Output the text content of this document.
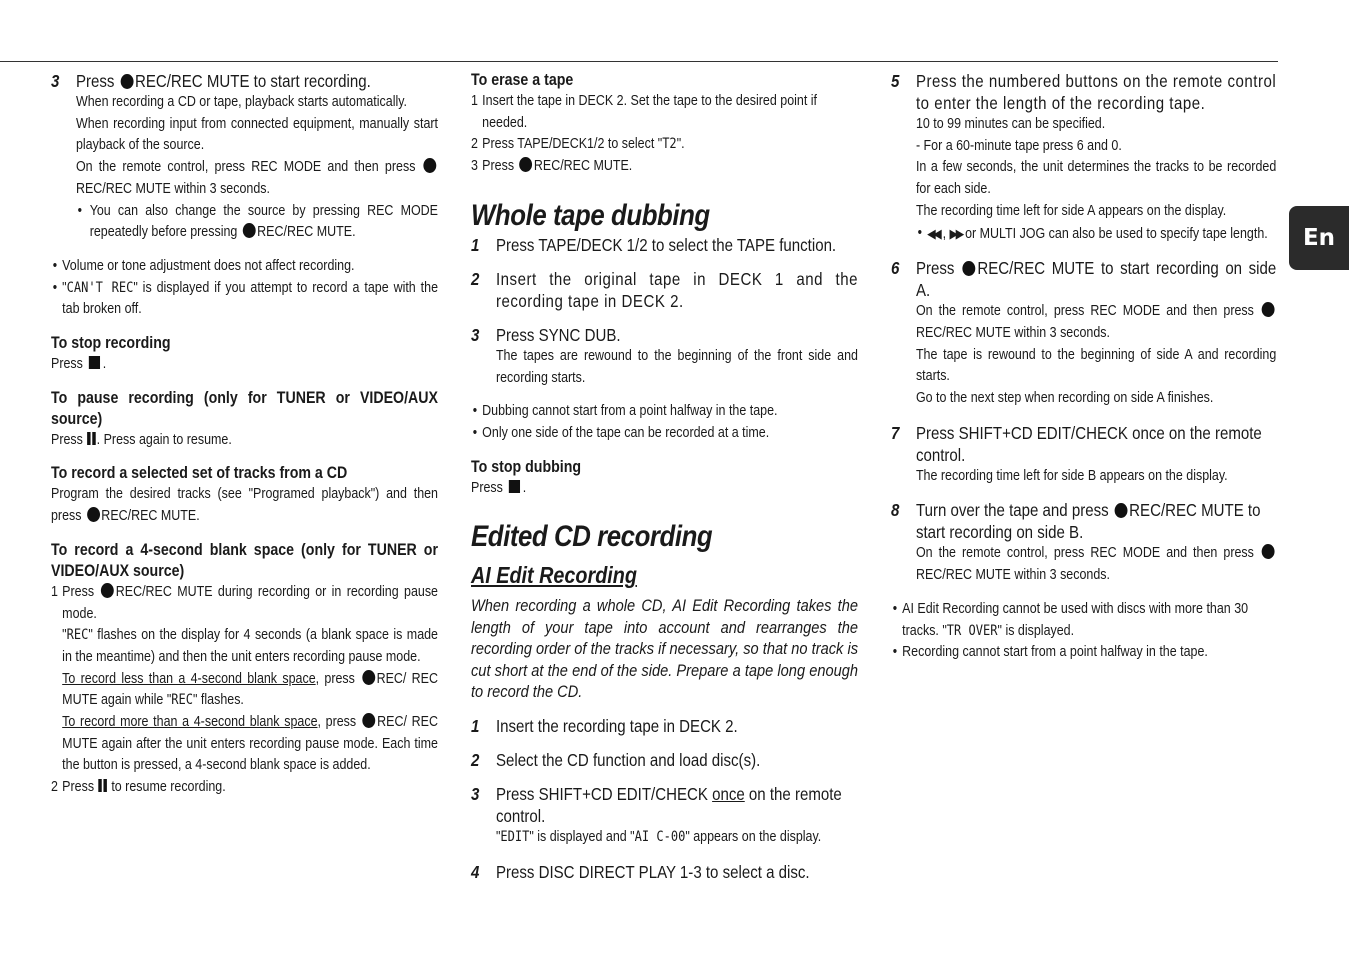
En
3 Press REC/REC MUTE to start recording.
When recording a CD or tape, playback starts automatically.
When recording input from connected equipment, manually start playback of the source.
On the remote control, press REC MODE and then press REC/REC MUTE within 3 seconds.
• You can also change the source by pressing REC MODE repeatedly before pressing REC/REC MUTE.
• Volume or tone adjustment does not affect recording.
• "CAN'T REC" is displayed if you attempt to record a tape with the tab broken off.
To stop recording
Press .
To pause recording (only for TUNER or VIDEO/AUX source)
Press . Press again to resume.
To record a selected set of tracks from a CD
Program the desired tracks (see "Programed playback") and then press REC/REC MUTE.
To record a 4-second blank space (only for TUNER or VIDEO/AUX source)
1 Press REC/REC MUTE during recording or in recording pause mode.
"REC" flashes on the display for 4 seconds (a blank space is made in the meantime) and then the unit enters recording pause mode.
To record less than a 4-second blank space, press REC/ REC MUTE again while "REC" flashes.
To record more than a 4-second blank space, press REC/ REC MUTE again after the unit enters recording pause mode. Each time the button is pressed, a 4-second blank space is added.
2 Press to resume recording.
To erase a tape
1 Insert the tape in DECK 2. Set the tape to the desired point if needed.
2 Press TAPE/DECK1/2 to select "T2".
3 Press REC/REC MUTE.
Whole tape dubbing
1 Press TAPE/DECK 1/2 to select the TAPE function.
2 Insert the original tape in DECK 1 and the recording tape in DECK 2.
3 Press SYNC DUB.
The tapes are rewound to the beginning of the front side and recording starts.
• Dubbing cannot start from a point halfway in the tape.
• Only one side of the tape can be recorded at a time.
To stop dubbing
Press .
Edited CD recording
AI Edit Recording
When recording a whole CD, AI Edit Recording takes the length of your tape into account and rearranges the recording order of the tracks if necessary, so that no track is cut short at the end of the side. Prepare a tape long enough to record the CD.
1 Insert the recording tape in DECK 2.
2 Select the CD function and load disc(s).
3 Press SHIFT+CD EDIT/CHECK once on the remote control.
"EDIT" is displayed and "AI C-00" appears on the display.
4 Press DISC DIRECT PLAY 1-3 to select a disc.
5 Press the numbered buttons on the remote control to enter the length of the recording tape.
10 to 99 minutes can be specified.
- For a 60-minute tape press 6 and 0.
In a few seconds, the unit determines the tracks to be recorded for each side.
The recording time left for side A appears on the display.
• ◀◀ , ▶▶ or MULTI JOG can also be used to specify tape length.
6 Press REC/REC MUTE to start recording on side A.
On the remote control, press REC MODE and then press REC/REC MUTE within 3 seconds.
The tape is rewound to the beginning of side A and recording starts.
Go to the next step when recording on side A finishes.
7 Press SHIFT+CD EDIT/CHECK once on the remote control.
The recording time left for side B appears on the display.
8 Turn over the tape and press REC/REC MUTE to start recording on side B.
On the remote control, press REC MODE and then press REC/REC MUTE within 3 seconds.
• AI Edit Recording cannot be used with discs with more than 30 tracks. "TR OVER" is displayed.
• Recording cannot start from a point halfway in the tape.
